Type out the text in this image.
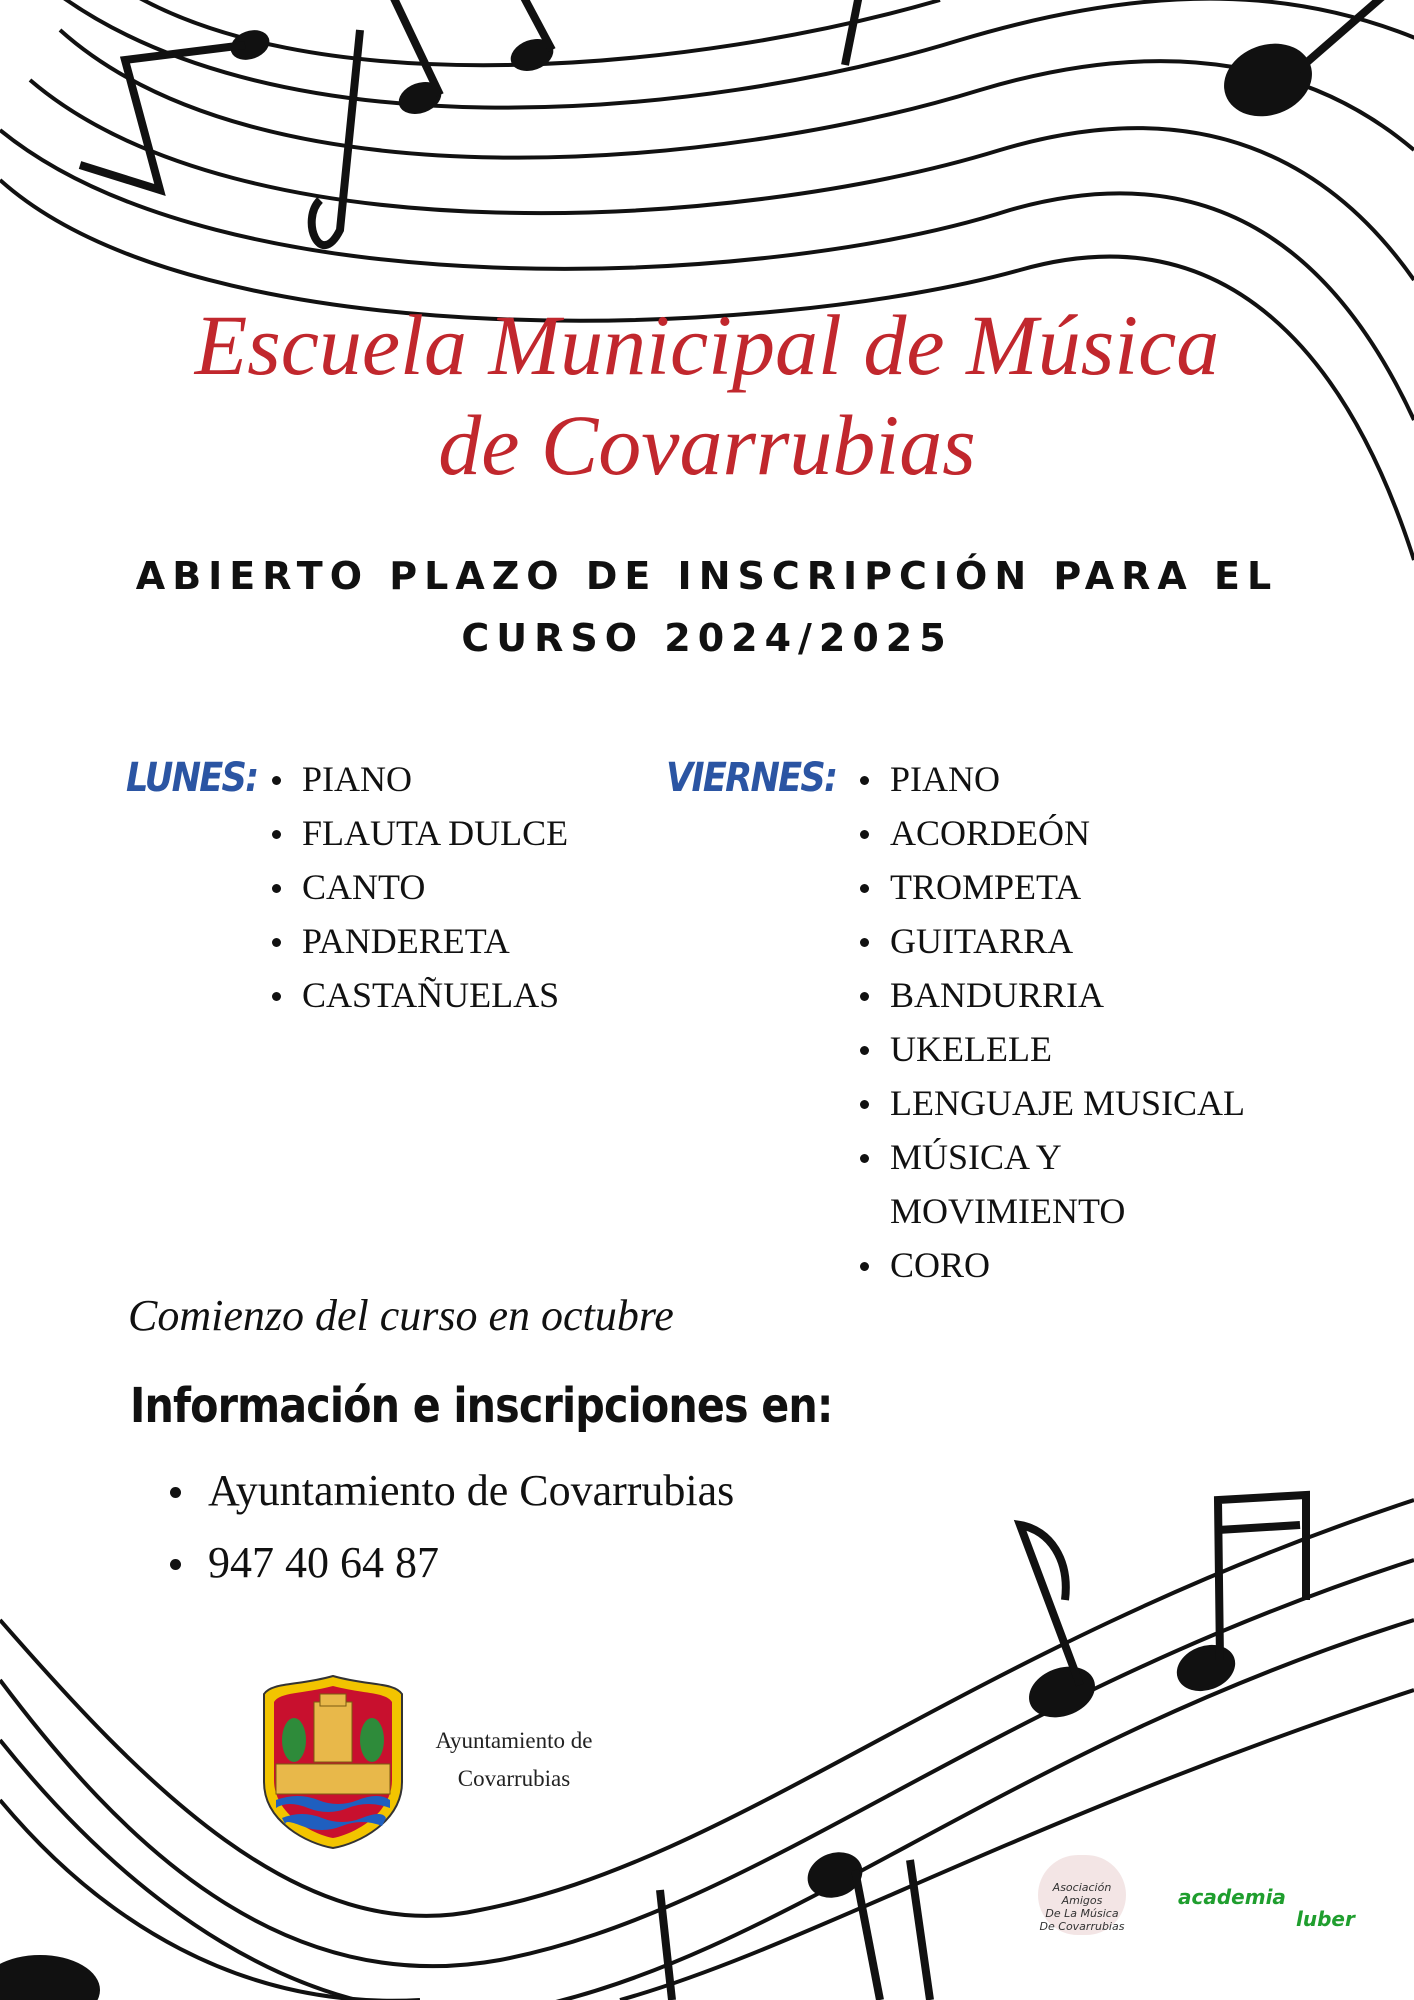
Escuela Municipal de Música
de Covarrubias
ABIERTO PLAZO DE INSCRIPCIÓN PARA EL
CURSO 2024/2025
LUNES:	PIANO
FLAUTA DULCE
CANTO
PANDERETA
CASTAÑUELAS
VIERNES:	PIANO
ACORDEÓN
TROMPETA
GUITARRA
BANDURRIA
UKELELE
LENGUAJE MUSICAL
MÚSICA Y
MOVIMIENTO
CORO
Comienzo del curso en octubre
Información e inscripciones en:
Ayuntamiento de Covarrubias
947 40 64 87
Ayuntamiento de
Covarrubias
Asociación
Amigos
De La Música
De Covarrubias
academia
luber
